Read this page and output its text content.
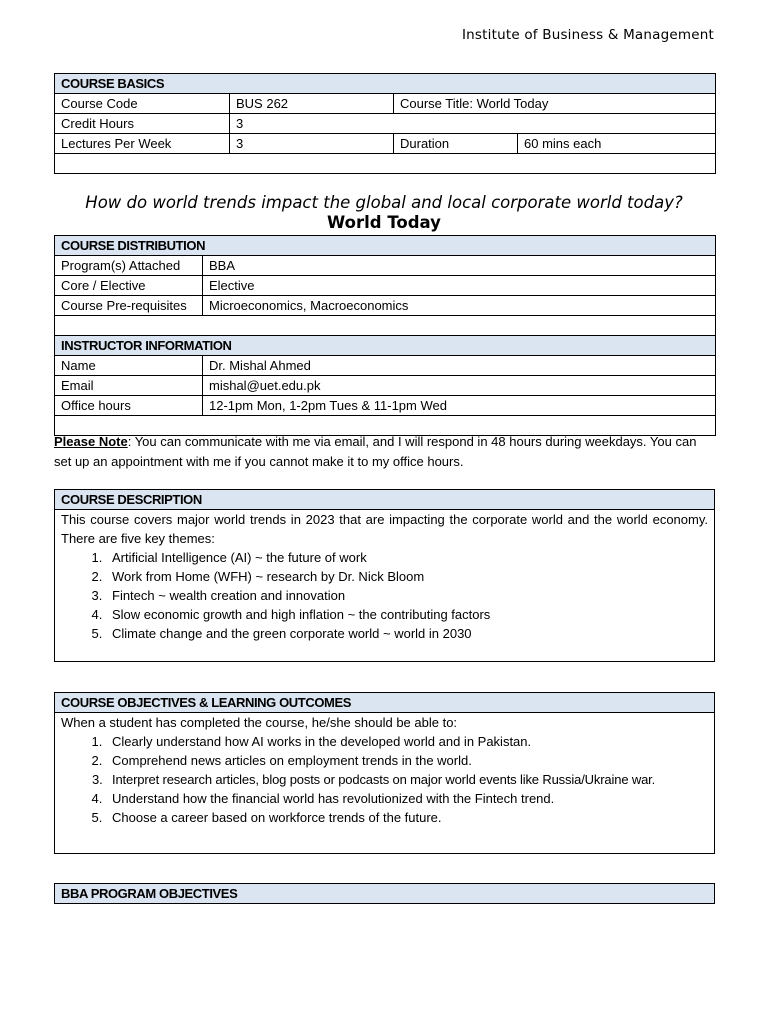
Institute of Business & Management
COURSE BASICS			
Course Code	BUS 262	Course Title: World Today	
Credit Hours	3		
Lectures Per Week	3	Duration	60 mins each

How do world trends impact the global and local corporate world today?
World Today
COURSE DISTRIBUTION	
Program(s) Attached	BBA
Core / Elective	Elective
Course Pre-requisites	Microeconomics, Macroeconomics

INSTRUCTOR INFORMATION	
Name	Dr. Mishal Ahmed
Email	mishal@uet.edu.pk
Office hours	12-1pm Mon, 1-2pm Tues & 11-1pm Wed

Please Note: You can communicate with me via email, and I will respond in 48 hours during weekdays. You can set up an appointment with me if you cannot make it to my office hours.
COURSE DESCRIPTION
This course covers major world trends in 2023 that are impacting the corporate world and the world economy. There are five key themes:
1. Artificial Intelligence (AI) ~ the future of work
2. Work from Home (WFH) ~ research by Dr. Nick Bloom
3. Fintech ~ wealth creation and innovation
4. Slow economic growth and high inflation ~ the contributing factors
5. Climate change and the green corporate world ~ world in 2030
COURSE OBJECTIVES & LEARNING OUTCOMES
When a student has completed the course, he/she should be able to:
1. Clearly understand how AI works in the developed world and in Pakistan.
2. Comprehend news articles on employment trends in the world.
3. Interpret research articles, blog posts or podcasts on major world events like Russia/Ukraine war.
4. Understand how the financial world has revolutionized with the Fintech trend.
5. Choose a career based on workforce trends of the future.
BBA PROGRAM OBJECTIVES
